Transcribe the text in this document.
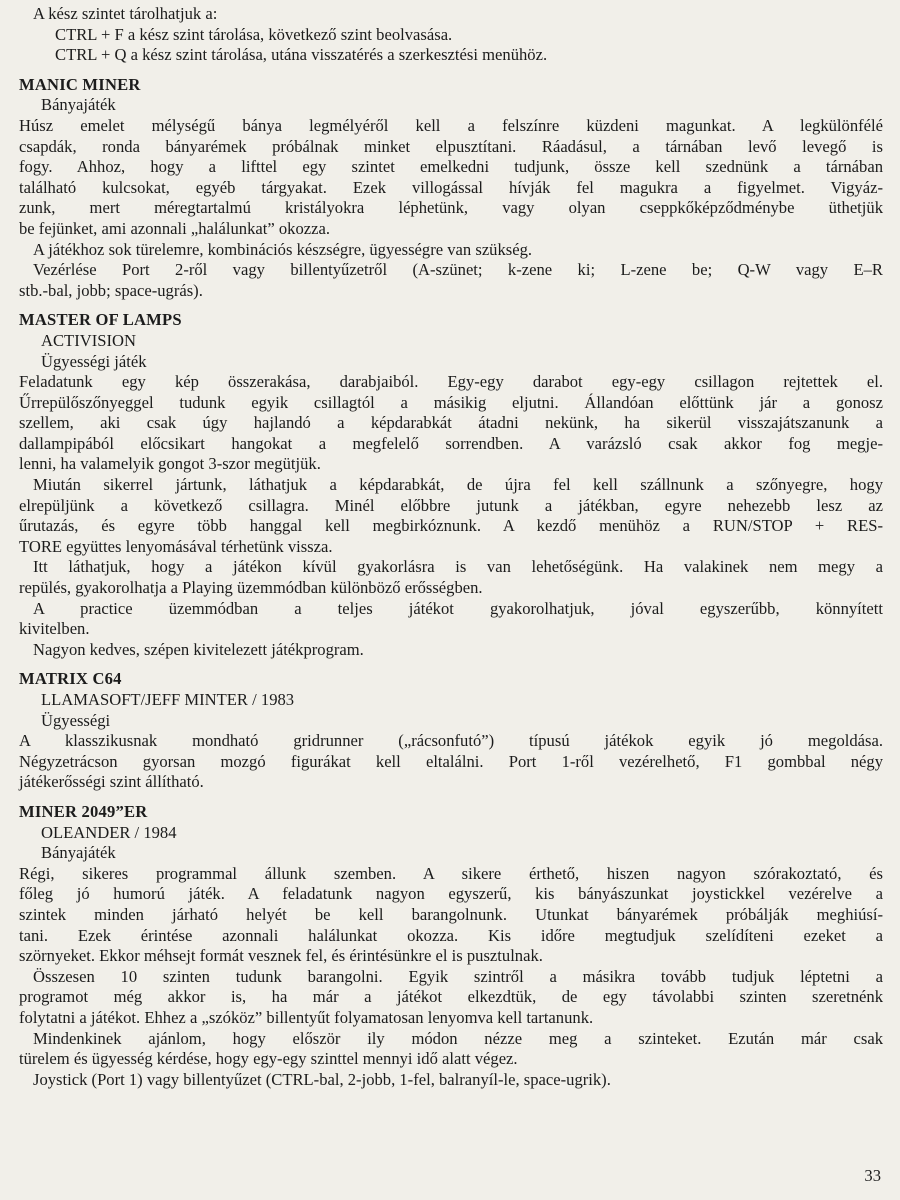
A kész szintet tárolhatjuk a:
CTRL + F a kész szint tárolása, következő szint beolvasása.
CTRL + Q a kész szint tárolása, utána visszatérés a szerkesztési menühöz.
MANIC MINER
Bányajáték
Húsz emelet mélységű bánya legmélyéről kell a felszínre küzdeni magunkat. A legkülönfélé
csapdák, ronda bányarémek próbálnak minket elpusztítani. Ráadásul, a tárnában levő levegő is
fogy. Ahhoz, hogy a lifttel egy szintet emelkedni tudjunk, össze kell szednünk a tárnában
található kulcsokat, egyéb tárgyakat. Ezek villogással hívják fel magukra a figyelmet. Vigyáz-
zunk, mert méregtartalmú kristályokra léphetünk, vagy olyan cseppkőképződménybe üthetjük
be fejünket, ami azonnali „halálunkat” okozza.
A játékhoz sok türelemre, kombinációs készségre, ügyességre van szükség.
Vezérlése Port 2-ről vagy billentyűzetről (A-szünet; k-zene ki; L-zene be; Q-W vagy E–R
stb.-bal, jobb; space-ugrás).
MASTER OF LAMPS
ACTIVISION
Ügyességi játék
Feladatunk egy kép összerakása, darabjaiból. Egy-egy darabot egy-egy csillagon rejtettek el.
Űrrepülőszőnyeggel tudunk egyik csillagtól a másikig eljutni. Állandóan előttünk jár a gonosz
szellem, aki csak úgy hajlandó a képdarabkát átadni nekünk, ha sikerül visszajátszanunk a
dallampipából előcsikart hangokat a megfelelő sorrendben. A varázsló csak akkor fog megje-
lenni, ha valamelyik gongot 3-szor megütjük.
Miután sikerrel jártunk, láthatjuk a képdarabkát, de újra fel kell szállnunk a szőnyegre, hogy
elrepüljünk a következő csillagra. Minél előbbre jutunk a játékban, egyre nehezebb lesz az
űrutazás, és egyre több hanggal kell megbirkóznunk. A kezdő menühöz a RUN/STOP + RES-
TORE együttes lenyomásával térhetünk vissza.
Itt láthatjuk, hogy a játékon kívül gyakorlásra is van lehetőségünk. Ha valakinek nem megy a
repülés, gyakorolhatja a Playing üzemmódban különböző erősségben.
A practice üzemmódban a teljes játékot gyakorolhatjuk, jóval egyszerűbb, könnyített
kivitelben.
Nagyon kedves, szépen kivitelezett játékprogram.
MATRIX C64
LLAMASOFT/JEFF MINTER / 1983
Ügyességi
A klasszikusnak mondható gridrunner („rácsonfutó”) típusú játékok egyik jó megoldása.
Négyzetrácson gyorsan mozgó figurákat kell eltalálni. Port 1-ről vezérelhető, F1 gombbal négy
játékerősségi szint állítható.
MINER 2049”ER
OLEANDER / 1984
Bányajáték
Régi, sikeres programmal állunk szemben. A sikere érthető, hiszen nagyon szórakoztató, és
főleg jó humorú játék. A feladatunk nagyon egyszerű, kis bányászunkat joystickkel vezérelve a
szintek minden járható helyét be kell barangolnunk. Utunkat bányarémek próbálják meghiúsí-
tani. Ezek érintése azonnali halálunkat okozza. Kis időre megtudjuk szelídíteni ezeket a
szörnyeket. Ekkor méhsejt formát vesznek fel, és érintésünkre el is pusztulnak.
Összesen 10 szinten tudunk barangolni. Egyik szintről a másikra tovább tudjuk léptetni a
programot még akkor is, ha már a játékot elkezdtük, de egy távolabbi szinten szeretnénk
folytatni a játékot. Ehhez a „szóköz” billentyűt folyamatosan lenyomva kell tartanunk.
Mindenkinek ajánlom, hogy először ily módon nézze meg a szinteket. Ezután már csak
türelem és ügyesség kérdése, hogy egy-egy szinttel mennyi idő alatt végez.
Joystick (Port 1) vagy billentyűzet (CTRL-bal, 2-jobb, 1-fel, balranyíl-le, space-ugrik).
33
